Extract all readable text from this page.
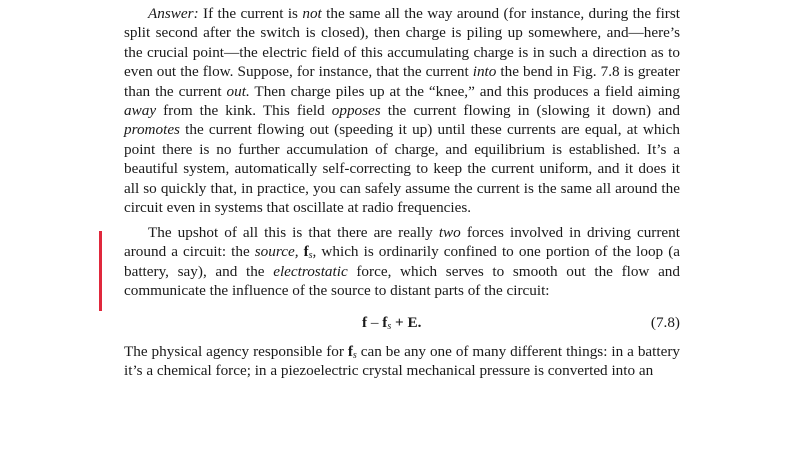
Answer: If the current is not the same all the way around (for instance, during the first split second after the switch is closed), then charge is piling up somewhere, and—here’s the crucial point—the electric field of this accumulating charge is in such a direction as to even out the flow. Suppose, for instance, that the current into the bend in Fig. 7.8 is greater than the current out. Then charge piles up at the “knee,” and this produces a field aiming away from the kink. This field opposes the current flowing in (slowing it down) and promotes the current flowing out (speeding it up) until these currents are equal, at which point there is no further accumulation of charge, and equilibrium is established. It’s a beautiful system, automatically self-correcting to keep the current uniform, and it does it all so quickly that, in practice, you can safely assume the current is the same all around the circuit even in systems that oscillate at radio frequencies.

The upshot of all this is that there are really two forces involved in driving current around a circuit: the source, $f_s$, which is ordinarily confined to one portion of the loop (a battery, say), and the electrostatic force, which serves to smooth out the flow and communicate the influence of the source to distant parts of the circuit:

$f - f_s + E$.	(7.8)

The physical agency responsible for $f_s$ can be any one of many different things: in a battery it’s a chemical force; in a piezoelectric crystal mechanical pressure is converted into an
